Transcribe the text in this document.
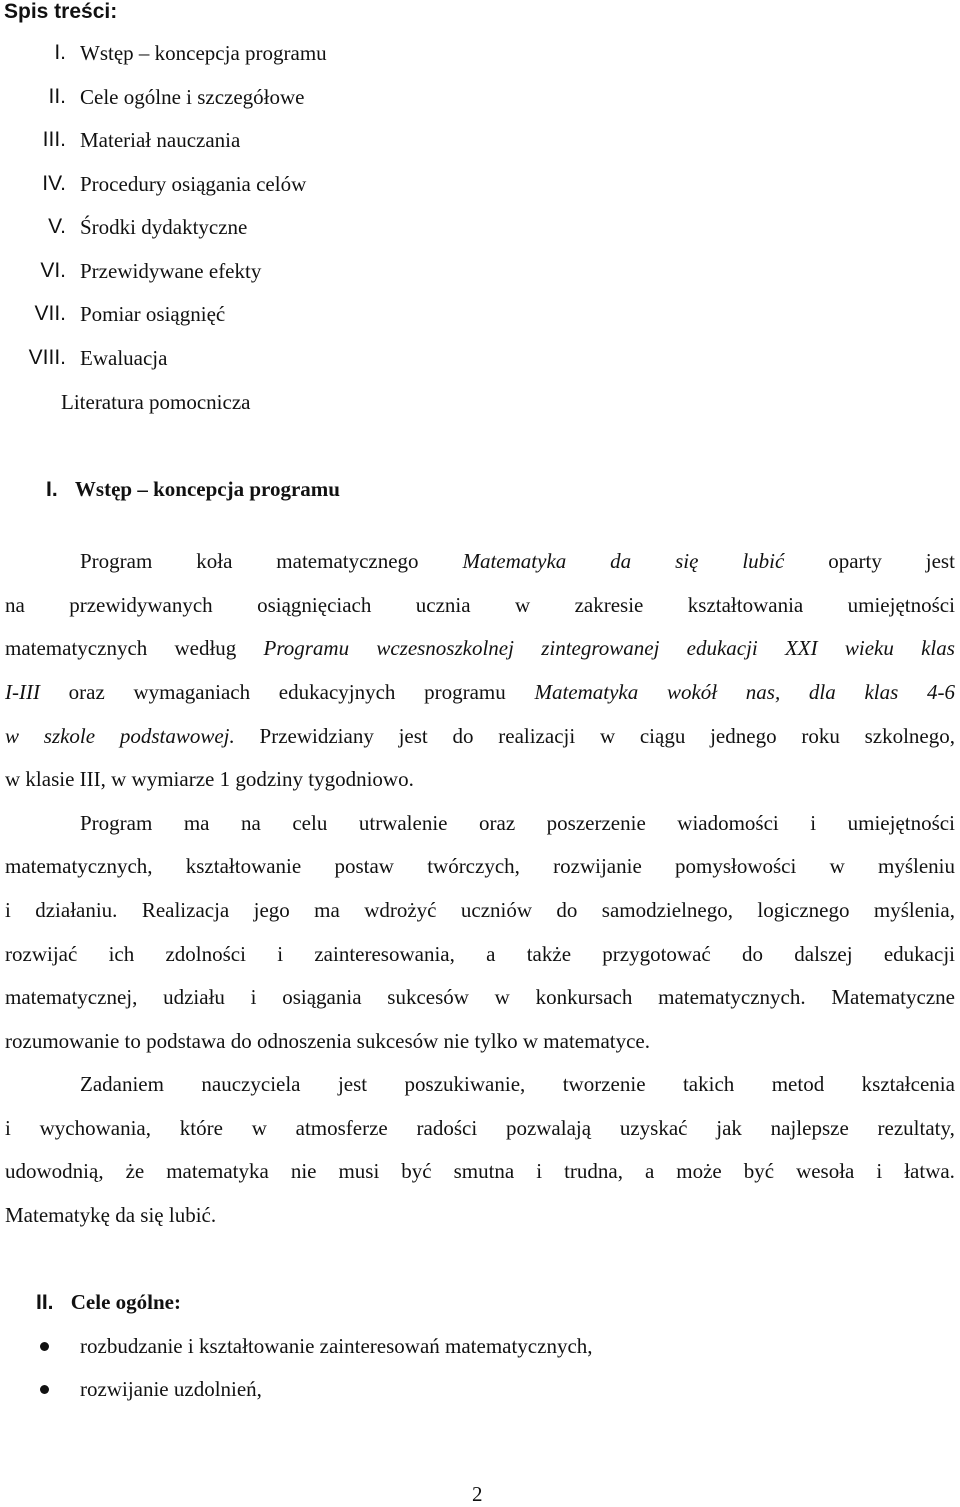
Spis treści:
I. Wstęp – koncepcja programu
II. Cele ogólne i szczegółowe
III. Materiał nauczania
IV. Procedury osiągania celów
V. Środki dydaktyczne
VI. Przewidywane efekty
VII. Pomiar osiągnięć
VIII. Ewaluacja
Literatura pomocnicza
I. Wstęp – koncepcja programu
Program koła matematycznego Matematyka da się lubić oparty jest
na przewidywanych osiągnięciach ucznia w zakresie kształtowania umiejętności
matematycznych według Programu wczesnoszkolnej zintegrowanej edukacji XXI wieku klas
I-III oraz wymaganiach edukacyjnych programu Matematyka wokół nas, dla klas 4-6
w szkole podstawowej. Przewidziany jest do realizacji w ciągu jednego roku szkolnego,
w klasie III, w wymiarze 1 godziny tygodniowo.
Program ma na celu utrwalenie oraz poszerzenie wiadomości i umiejętności
matematycznych, kształtowanie postaw twórczych, rozwijanie pomysłowości w myśleniu
i działaniu. Realizacja jego ma wdrożyć uczniów do samodzielnego, logicznego myślenia,
rozwijać ich zdolności i zainteresowania, a także przygotować do dalszej edukacji
matematycznej, udziału i osiągania sukcesów w konkursach matematycznych. Matematyczne
rozumowanie to podstawa do odnoszenia sukcesów nie tylko w matematyce.
Zadaniem nauczyciela jest poszukiwanie, tworzenie takich metod kształcenia
i wychowania, które w atmosferze radości pozwalają uzyskać jak najlepsze rezultaty,
udowodnią, że matematyka nie musi być smutna i trudna, a może być wesoła i łatwa.
Matematykę da się lubić.
II. Cele ogólne:
rozbudzanie i kształtowanie zainteresowań matematycznych,
rozwijanie uzdolnień,
2
